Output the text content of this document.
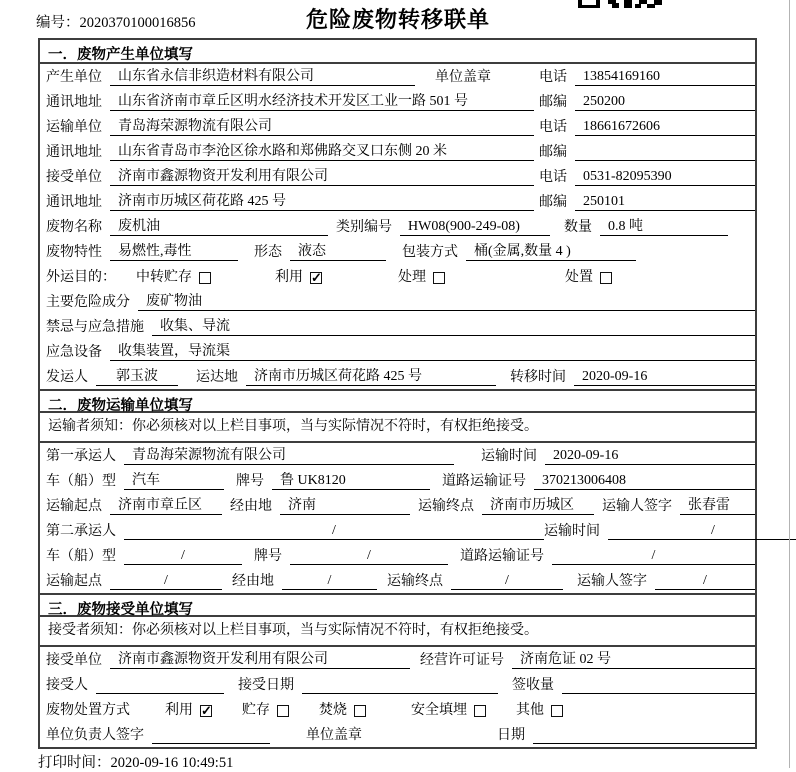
编号：2020370100016856	危险废物转移联单
一．废物产生单位填写
产生单位	山东省永信非织造材料有限公司	单位盖章	电话	13854169160
通讯地址	山东省济南市章丘区明水经济技术开发区工业一路 501 号	邮编	250200
运输单位	青岛海荣源物流有限公司	电话	18661672606
通讯地址	山东省青岛市李沧区徐水路和郑佛路交叉口东侧 20 米	邮编
接受单位	济南市鑫源物资开发利用有限公司	电话	0531-82095390
通讯地址	济南市历城区荷花路 425 号	邮编	250101
废物名称	废机油	类别编号	HW08(900-249-08)	数量	0.8 吨
废物特性	易燃性,毒性	形态	液态	包装方式	桶(金属,数量 4 )
外运目的： 中转贮存	利用 ✓	处理	处置
主要危险成分	废矿物油
禁忌与应急措施	收集、导流
应急设备	收集装置，导流渠
发运人	郭玉波	运达地	济南市历城区荷花路 425 号	转移时间	2020-09-16
二．废物运输单位填写
运输者须知：你必须核对以上栏目事项，当与实际情况不符时，有权拒绝接受。
第一承运人	青岛海荣源物流有限公司	运输时间	2020-09-16
车（船）型	汽车	牌号	鲁 UK8120	道路运输证号	370213006408
运输起点	济南市章丘区	经由地	济南	运输终点	济南市历城区	运输人签字	张春雷
第二承运人	/	运输时间	/
车（船）型	/	牌号	/	道路运输证号	/
运输起点	/	经由地	/	运输终点	/	运输人签字	/
三．废物接受单位填写
接受者须知：你必须核对以上栏目事项，当与实际情况不符时，有权拒绝接受。
接受单位	济南市鑫源物资开发利用有限公司	经营许可证号	济南危证 02 号
接受人	接受日期	签收量
废物处置方式	利用 ✓	贮存	焚烧	安全填埋	其他
单位负责人签字	单位盖章	日期
打印时间：2020-09-16 10:49:51
